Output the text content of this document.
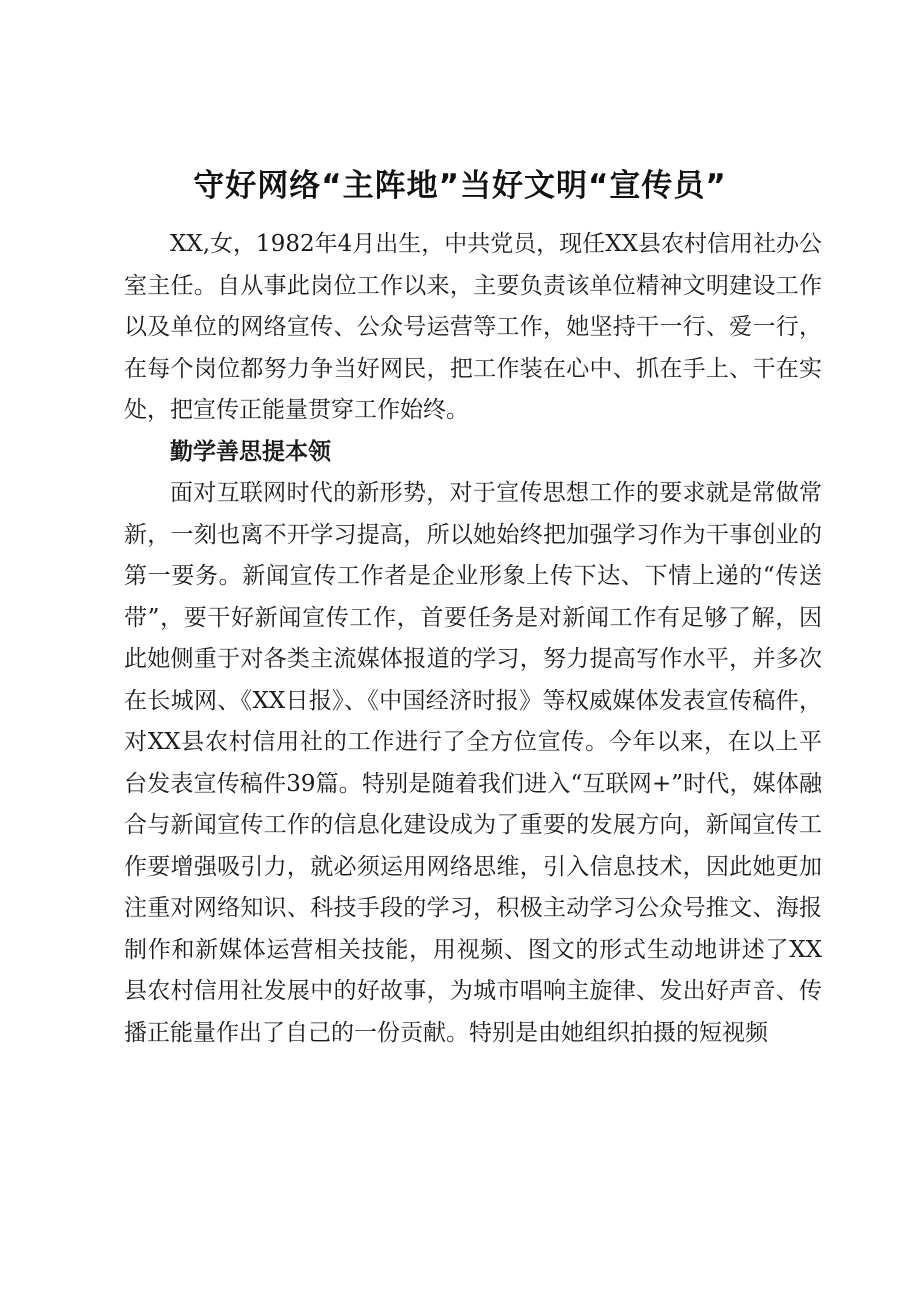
守好网络“主阵地”当好文明“宣传员”

XX,女，1982年4月出生，中共党员，现任XX县农村信用社办公室主任。自从事此岗位工作以来，主要负责该单位精神文明建设工作以及单位的网络宣传、公众号运营等工作，她坚持干一行、爱一行，在每个岗位都努力争当好网民，把工作装在心中、抓在手上、干在实处，把宣传正能量贯穿工作始终。

勤学善思提本领

面对互联网时代的新形势，对于宣传思想工作的要求就是常做常新，一刻也离不开学习提高，所以她始终把加强学习作为干事创业的第一要务。新闻宣传工作者是企业形象上传下达、下情上递的“传送带”，要干好新闻宣传工作，首要任务是对新闻工作有足够了解，因此她侧重于对各类主流媒体报道的学习，努力提高写作水平，并多次在长城网、《XX日报》、《中国经济时报》等权威媒体发表宣传稿件，对XX县农村信用社的工作进行了全方位宣传。今年以来，在以上平台发表宣传稿件39篇。特别是随着我们进入“互联网+”时代，媒体融合与新闻宣传工作的信息化建设成为了重要的发展方向，新闻宣传工作要增强吸引力，就必须运用网络思维，引入信息技术，因此她更加注重对网络知识、科技手段的学习，积极主动学习公众号推文、海报制作和新媒体运营相关技能，用视频、图文的形式生动地讲述了XX县农村信用社发展中的好故事，为城市唱响主旋律、发出好声音、传播正能量作出了自己的一份贡献。特别是由她组织拍摄的短视频
